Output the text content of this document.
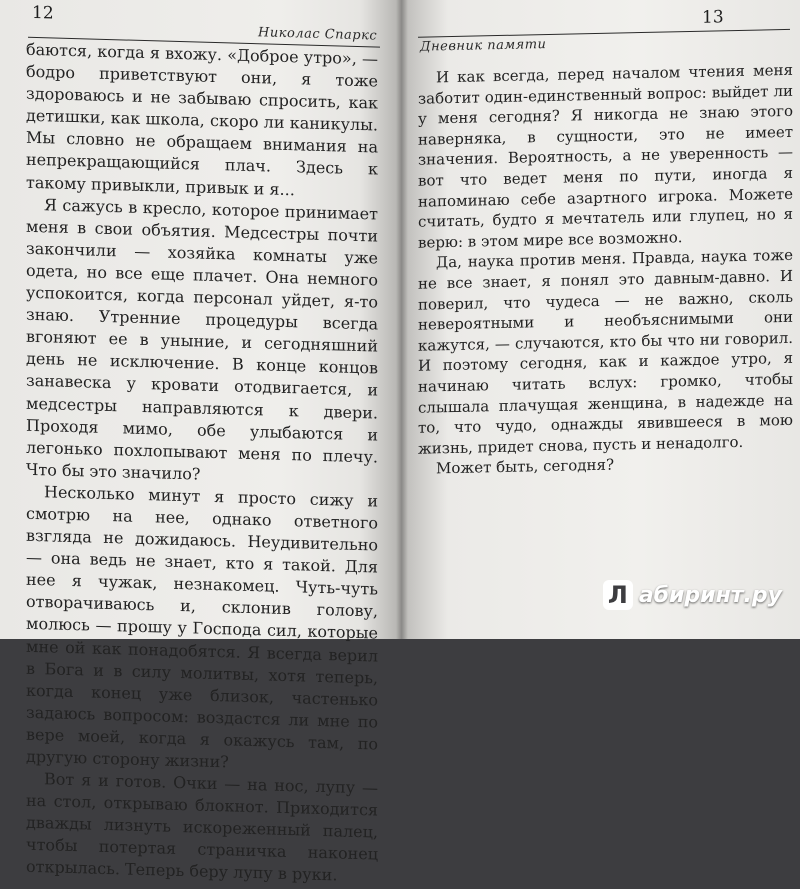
12
Николас Спаркс

баются, когда я вхожу. «Доброе утро», — бодро приветствуют они, я тоже здороваюсь и не забываю спросить, как детишки, как школа, скоро ли каникулы. Мы словно не обращаем внимания на непрекращающийся плач. Здесь к такому привыкли, привык и я...

Я сажусь в кресло, которое принимает меня в свои объятия. Медсестры почти закончили — хозяйка комнаты уже одета, но все еще плачет. Она немного успокоится, когда персонал уйдет, я-то знаю. Утренние процедуры всегда вгоняют ее в уныние, и сегодняшний день не исключение. В конце концов занавеска у кровати отодвигается, и медсестры направляются к двери. Проходя мимо, обе улыбаются и легонько похлопывают меня по плечу. Что бы это значило?

Несколько минут я просто сижу и смотрю на нее, однако ответного взгляда не дожидаюсь. Неудивительно — она ведь не знает, кто я такой. Для нее я чужак, незнакомец. Чуть-чуть отворачиваюсь и, склонив голову, молюсь — прошу у Господа сил, которые мне ой как понадобятся. Я всегда верил в Бога и в силу молитвы, хотя теперь, когда конец уже близок, частенько задаюсь вопросом: воздастся ли мне по вере моей, когда я окажусь там, по другую сторону жизни?

Вот я и готов. Очки — на нос, лупу — на стол, открываю блокнот. Приходится дважды лизнуть искореженный палец, чтобы потертая страничка наконец открылась. Теперь беру лупу в руки.

Дневник памяти
13

И как всегда, перед началом чтения меня заботит один-единственный вопрос: выйдет ли у меня сегодня? Я никогда не знаю этого наверняка, в сущности, это не имеет значения. Вероятность, а не уверенность — вот что ведет меня по пути, иногда я напоминаю себе азартного игрока. Можете считать, будто я мечтатель или глупец, но я верю: в этом мире все возможно.

Да, наука против меня. Правда, наука тоже не все знает, я понял это давным-давно. И поверил, что чудеса — не важно, сколь невероятными и необъяснимыми они кажутся, — случаются, кто бы что ни говорил. И поэтому сегодня, как и каждое утро, я начинаю читать вслух: громко, чтобы слышала плачущая женщина, в надежде на то, что чудо, однажды явившееся в мою жизнь, придет снова, пусть и ненадолго.

Может быть, сегодня?

Л абиринт.ру
